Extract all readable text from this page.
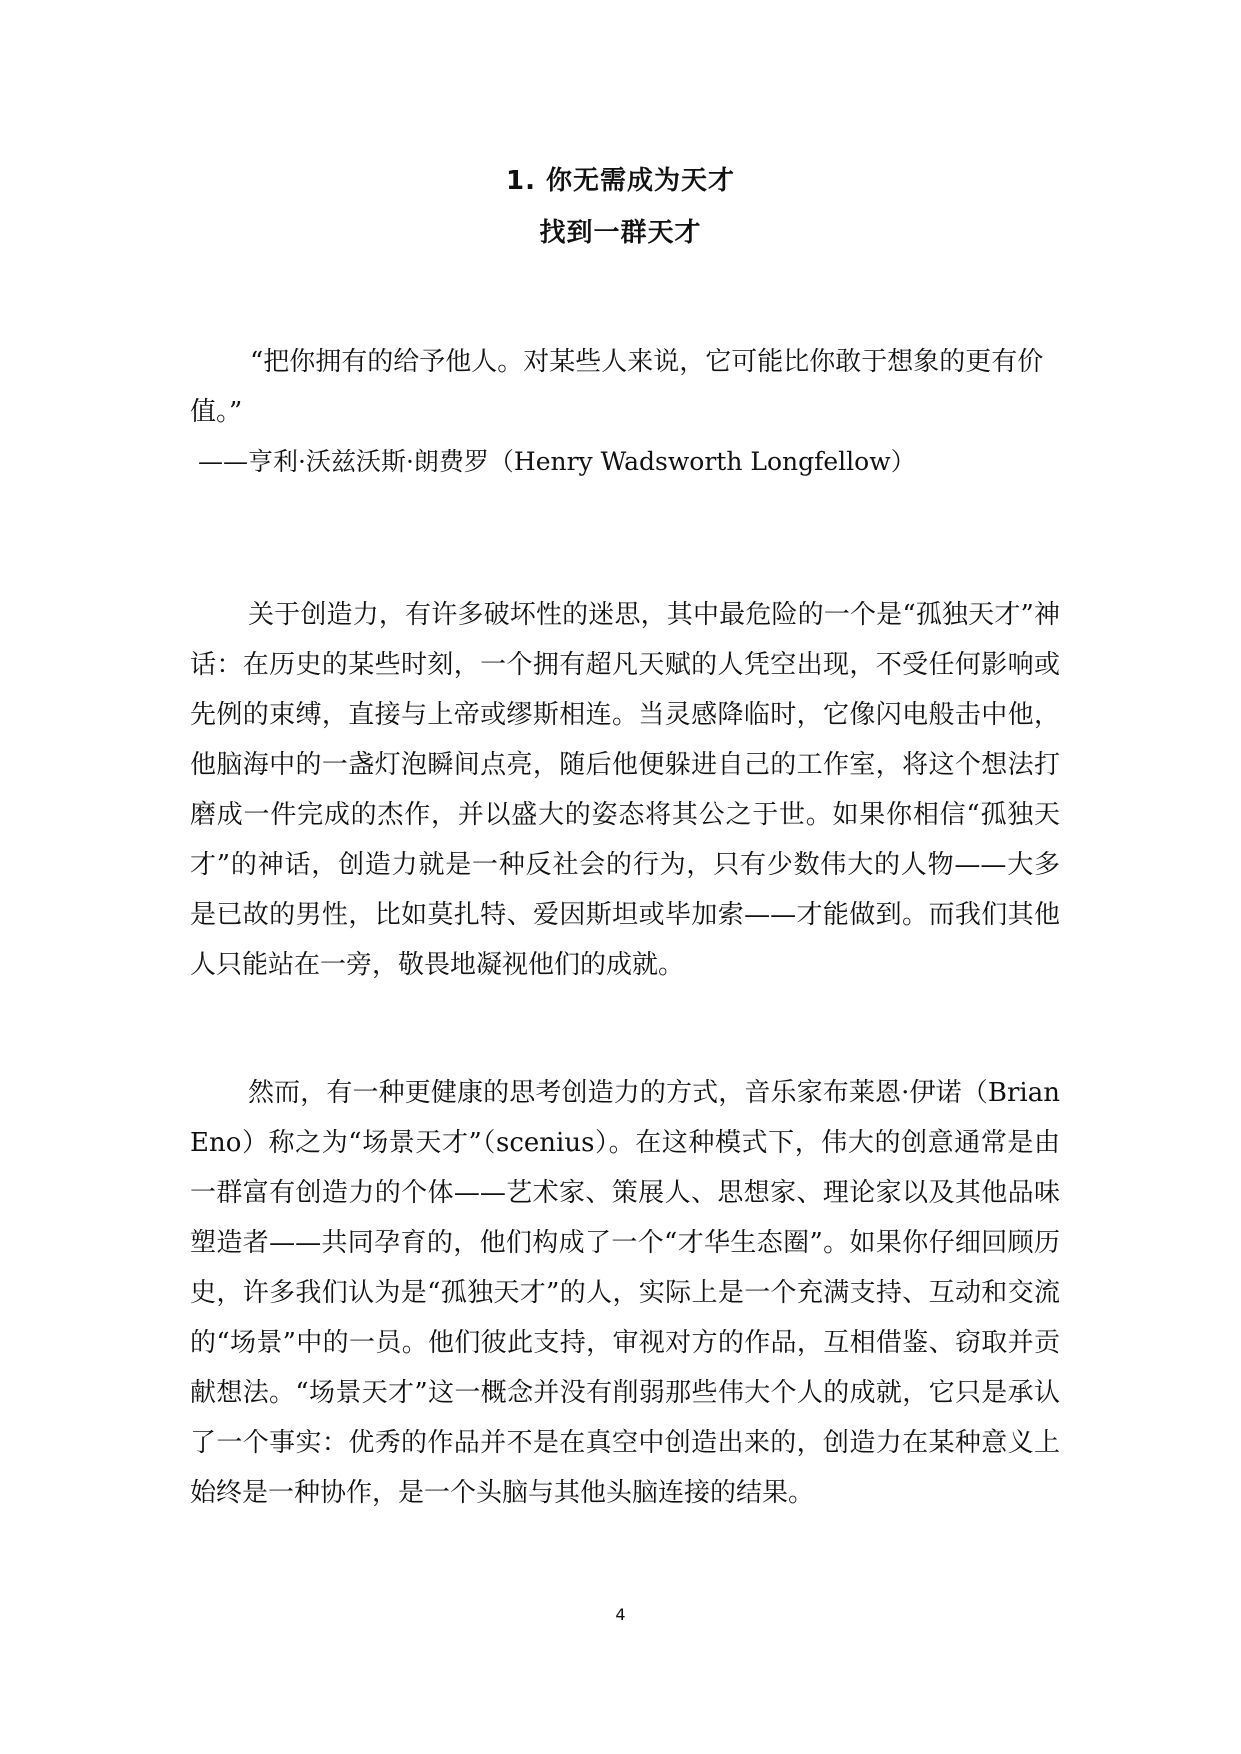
1. 你无需成为天才
找到一群天才
“把你拥有的给予他人。对某些人来说，它可能比你敢于想象的更有价值。”
——亨利·沃兹沃斯·朗费罗（Henry Wadsworth Longfellow）
关于创造力，有许多破坏性的迷思，其中最危险的一个是“孤独天才”神话：在历史的某些时刻，一个拥有超凡天赋的人凭空出现，不受任何影响或先例的束缚，直接与上帝或缪斯相连。当灵感降临时，它像闪电般击中他，他脑海中的一盏灯泡瞬间点亮，随后他便躲进自己的工作室，将这个想法打磨成一件完成的杰作，并以盛大的姿态将其公之于世。如果你相信“孤独天才”的神话，创造力就是一种反社会的行为，只有少数伟大的人物——大多是已故的男性，比如莫扎特、爱因斯坦或毕加索——才能做到。而我们其他人只能站在一旁，敬畏地凝视他们的成就。
然而，有一种更健康的思考创造力的方式，音乐家布莱恩·伊诺（Brian Eno）称之为“场景天才”（scenius）。在这种模式下，伟大的创意通常是由一群富有创造力的个体——艺术家、策展人、思想家、理论家以及其他品味塑造者——共同孕育的，他们构成了一个“才华生态圈”。如果你仔细回顾历史，许多我们认为是“孤独天才”的人，实际上是一个充满支持、互动和交流的“场景”中的一员。他们彼此支持，审视对方的作品，互相借鉴、窃取并贡献想法。“场景天才”这一概念并没有削弱那些伟大个人的成就，它只是承认了一个事实：优秀的作品并不是在真空中创造出来的，创造力在某种意义上始终是一种协作，是一个头脑与其他头脑连接的结果。
4
